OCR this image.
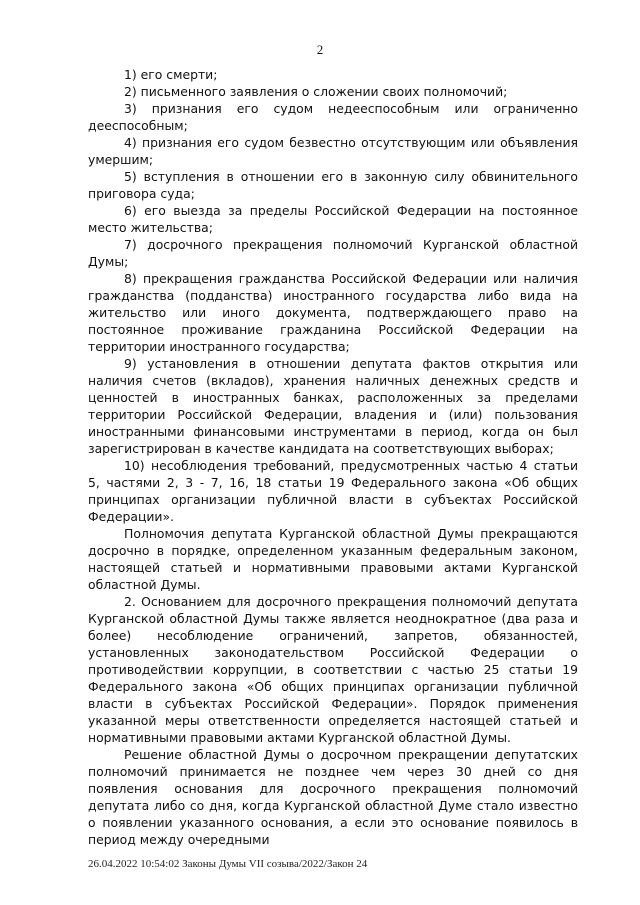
2

1) его смерти;

2) письменного заявления о сложении своих полномочий;

3) признания его судом недееспособным или ограниченно дееспособным;

4) признания его судом безвестно отсутствующим или объявления умершим;

5) вступления в отношении его в законную силу обвинительного приговора суда;

6) его выезда за пределы Российской Федерации на постоянное место жительства;

7) досрочного прекращения полномочий Курганской областной Думы;

8) прекращения гражданства Российской Федерации или наличия гражданства (подданства) иностранного государства либо вида на жительство или иного документа, подтверждающего право на постоянное проживание гражданина Российской Федерации на территории иностранного государства;

9) установления в отношении депутата фактов открытия или наличия счетов (вкладов), хранения наличных денежных средств и ценностей в иностранных банках, расположенных за пределами территории Российской Федерации, владения и (или) пользования иностранными финансовыми инструментами в период, когда он был зарегистрирован в качестве кандидата на соответствующих выборах;

10) несоблюдения требований, предусмотренных частью 4 статьи 5, частями 2, 3 - 7, 16, 18 статьи 19 Федерального закона «Об общих принципах организации публичной власти в субъектах Российской Федерации».

Полномочия депутата Курганской областной Думы прекращаются досрочно в порядке, определенном указанным федеральным законом, настоящей статьей и нормативными правовыми актами Курганской областной Думы.

2. Основанием для досрочного прекращения полномочий депутата Курганской областной Думы также является неоднократное (два раза и более) несоблюдение ограничений, запретов, обязанностей, установленных законодательством Российской Федерации о противодействии коррупции, в соответствии с частью 25 статьи 19 Федерального закона «Об общих принципах организации публичной власти в субъектах Российской Федерации». Порядок применения указанной меры ответственности определяется настоящей статьей и нормативными правовыми актами Курганской областной Думы.

Решение областной Думы о досрочном прекращении депутатских полномочий принимается не позднее чем через 30 дней со дня появления основания для досрочного прекращения полномочий депутата либо со дня, когда Курганской областной Думе стало известно о появлении указанного основания, а если это основание появилось в период между очередными

26.04.2022 10:54:02 Законы Думы VII созыва/2022/Закон 24
